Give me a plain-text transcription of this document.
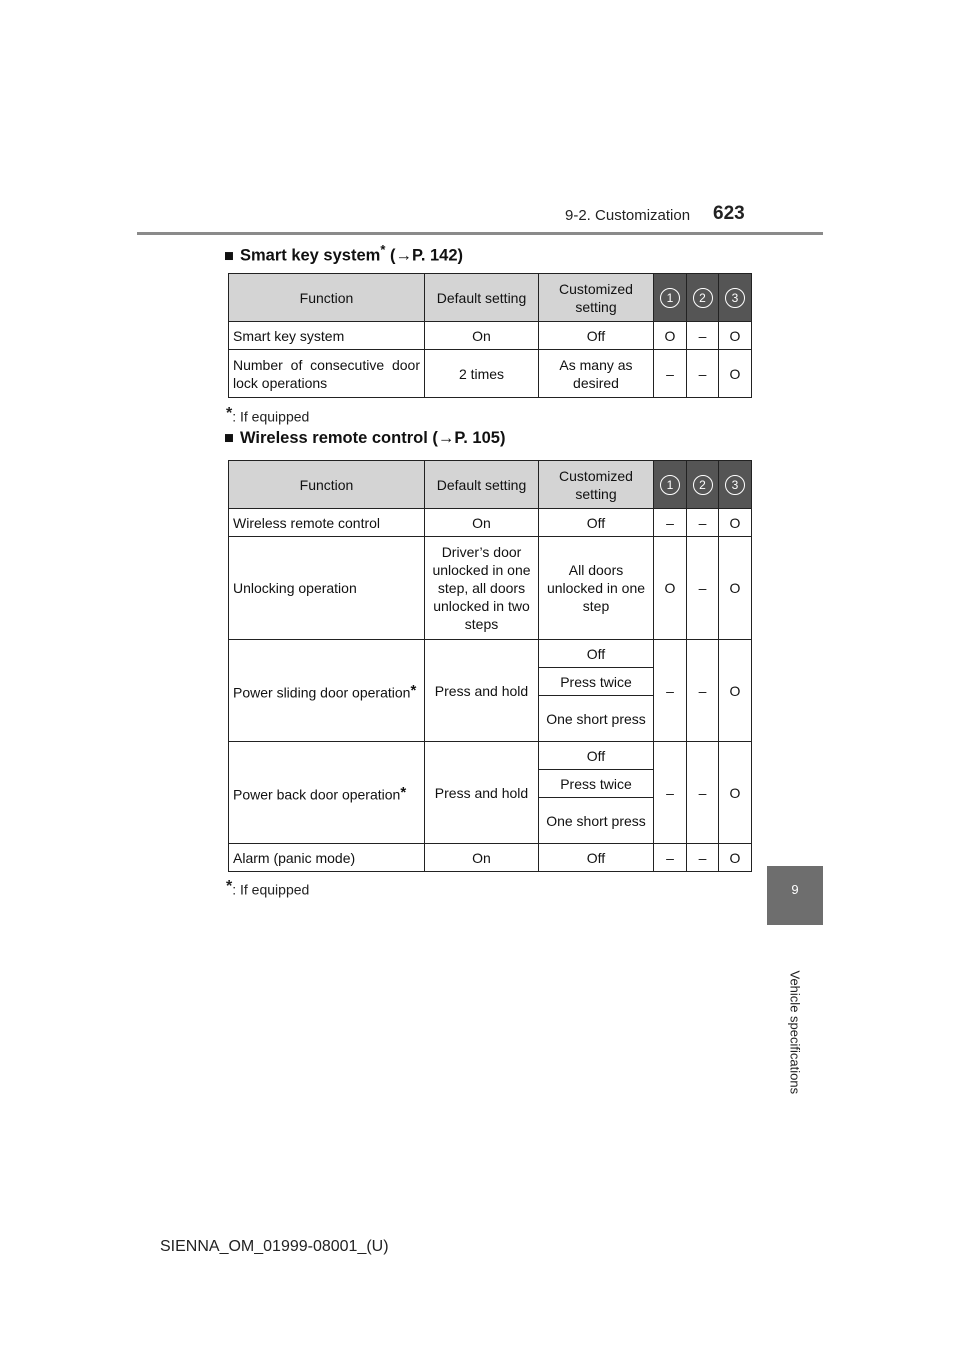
9-2. Customization 623
■ Smart key system* (→P. 142)
Function	Default setting	Customized setting	1	2	3
Smart key system	On	Off	O	–	O
Number of consecutive door lock operations	2 times	As many as desired	–	–	O
*: If equipped
■ Wireless remote control (→P. 105)
Function	Default setting	Customized setting	1	2	3
Wireless remote control	On	Off	–	–	O
Unlocking operation	Driver’s door unlocked in one step, all doors unlocked in two steps	All doors unlocked in one step	O	–	O
Power sliding door operation*	Press and hold	Off	–	–	O
		Press twice			
		One short press			
Power back door operation*	Press and hold	Off	–	–	O
		Press twice			
		One short press			
Alarm (panic mode)	On	Off	–	–	O
*: If equipped	9
Vehicle specifications
SIENNA_OM_01999-08001_(U)
